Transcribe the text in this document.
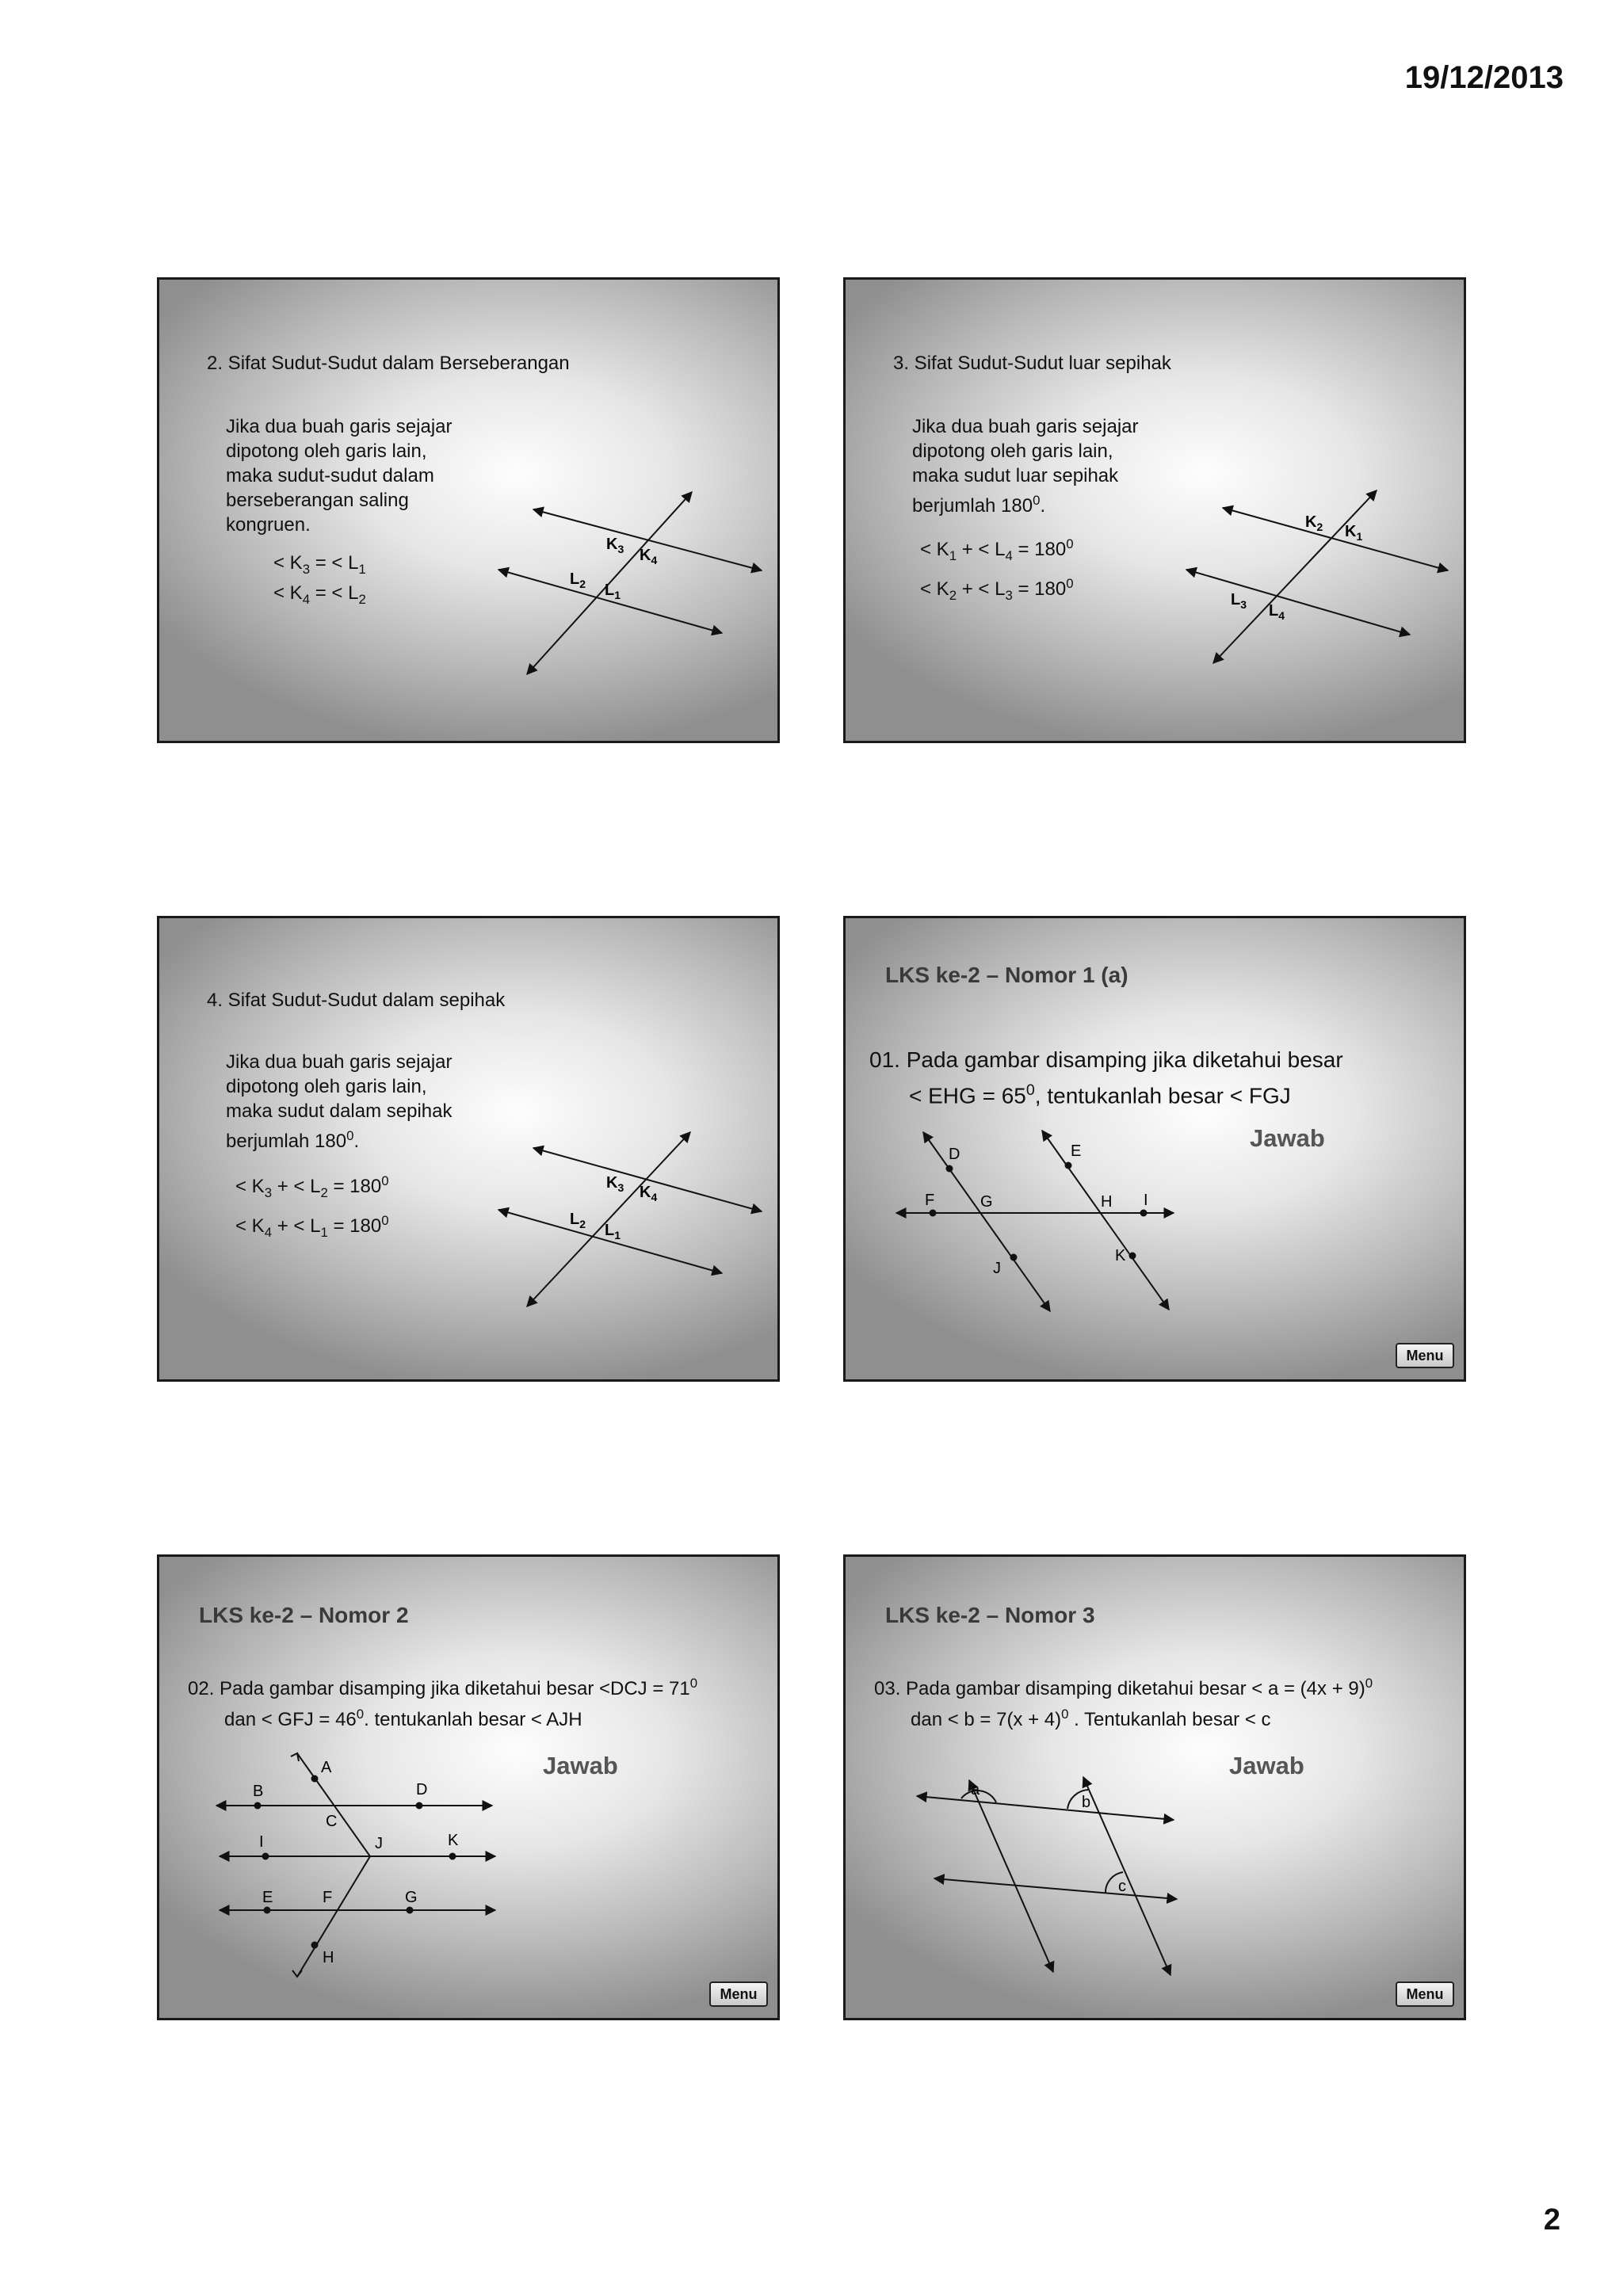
19/12/2013
2. Sifat Sudut-Sudut dalam Berseberangan
Jika dua buah garis sejajar
dipotong oleh garis lain,
maka sudut-sudut dalam
berseberangan saling
kongruen.
< $K_3$ = < $L_1$
< $K_4$ = < $L_2$
$K_3$ $K_4$
$L_2$ $L_1$
3. Sifat Sudut-Sudut luar sepihak
Jika dua buah garis sejajar
dipotong oleh garis lain,
maka sudut luar sepihak
berjumlah $180^0$.
< $K_1$ + < $L_4 = 180^0$
< $K_2$ + < $L_3 = 180^0$
$K_2$ $K_1$
$L_3$ $L_4$
4. Sifat Sudut-Sudut dalam sepihak
Jika dua buah garis sejajar
dipotong oleh garis lain,
maka sudut dalam sepihak
berjumlah $180^0$.
< $K_3$ + < $L_2 = 180^0$
< $K_4$ + < $L_1 = 180^0$
$K_3$ $K_4$
$L_2$ $L_1$
LKS ke-2 – Nomor 1 (a)
01. Pada gambar disamping jika diketahui besar
< EHG = $65^0$, tentukanlah besar < FGJ
Jawab
D	E
F	G	H I
J
K
Menu
LKS ke-2 – Nomor 2
02. Pada gambar disamping jika diketahui besar $<DCJ = 71^0$
dan < GFJ = $46^0$. tentukanlah besar < AJH
Jawab
A
B
C
D
I	J	K
E	F	G
H
Menu
LKS ke-2 – Nomor 3
03. Pada gambar disamping diketahui besar < $a = (4x + 9)^0$
dan < $b = 7(x + 4)^0$ . Tentukanlah besar < c
Jawab
a
b
c
Menu
2
